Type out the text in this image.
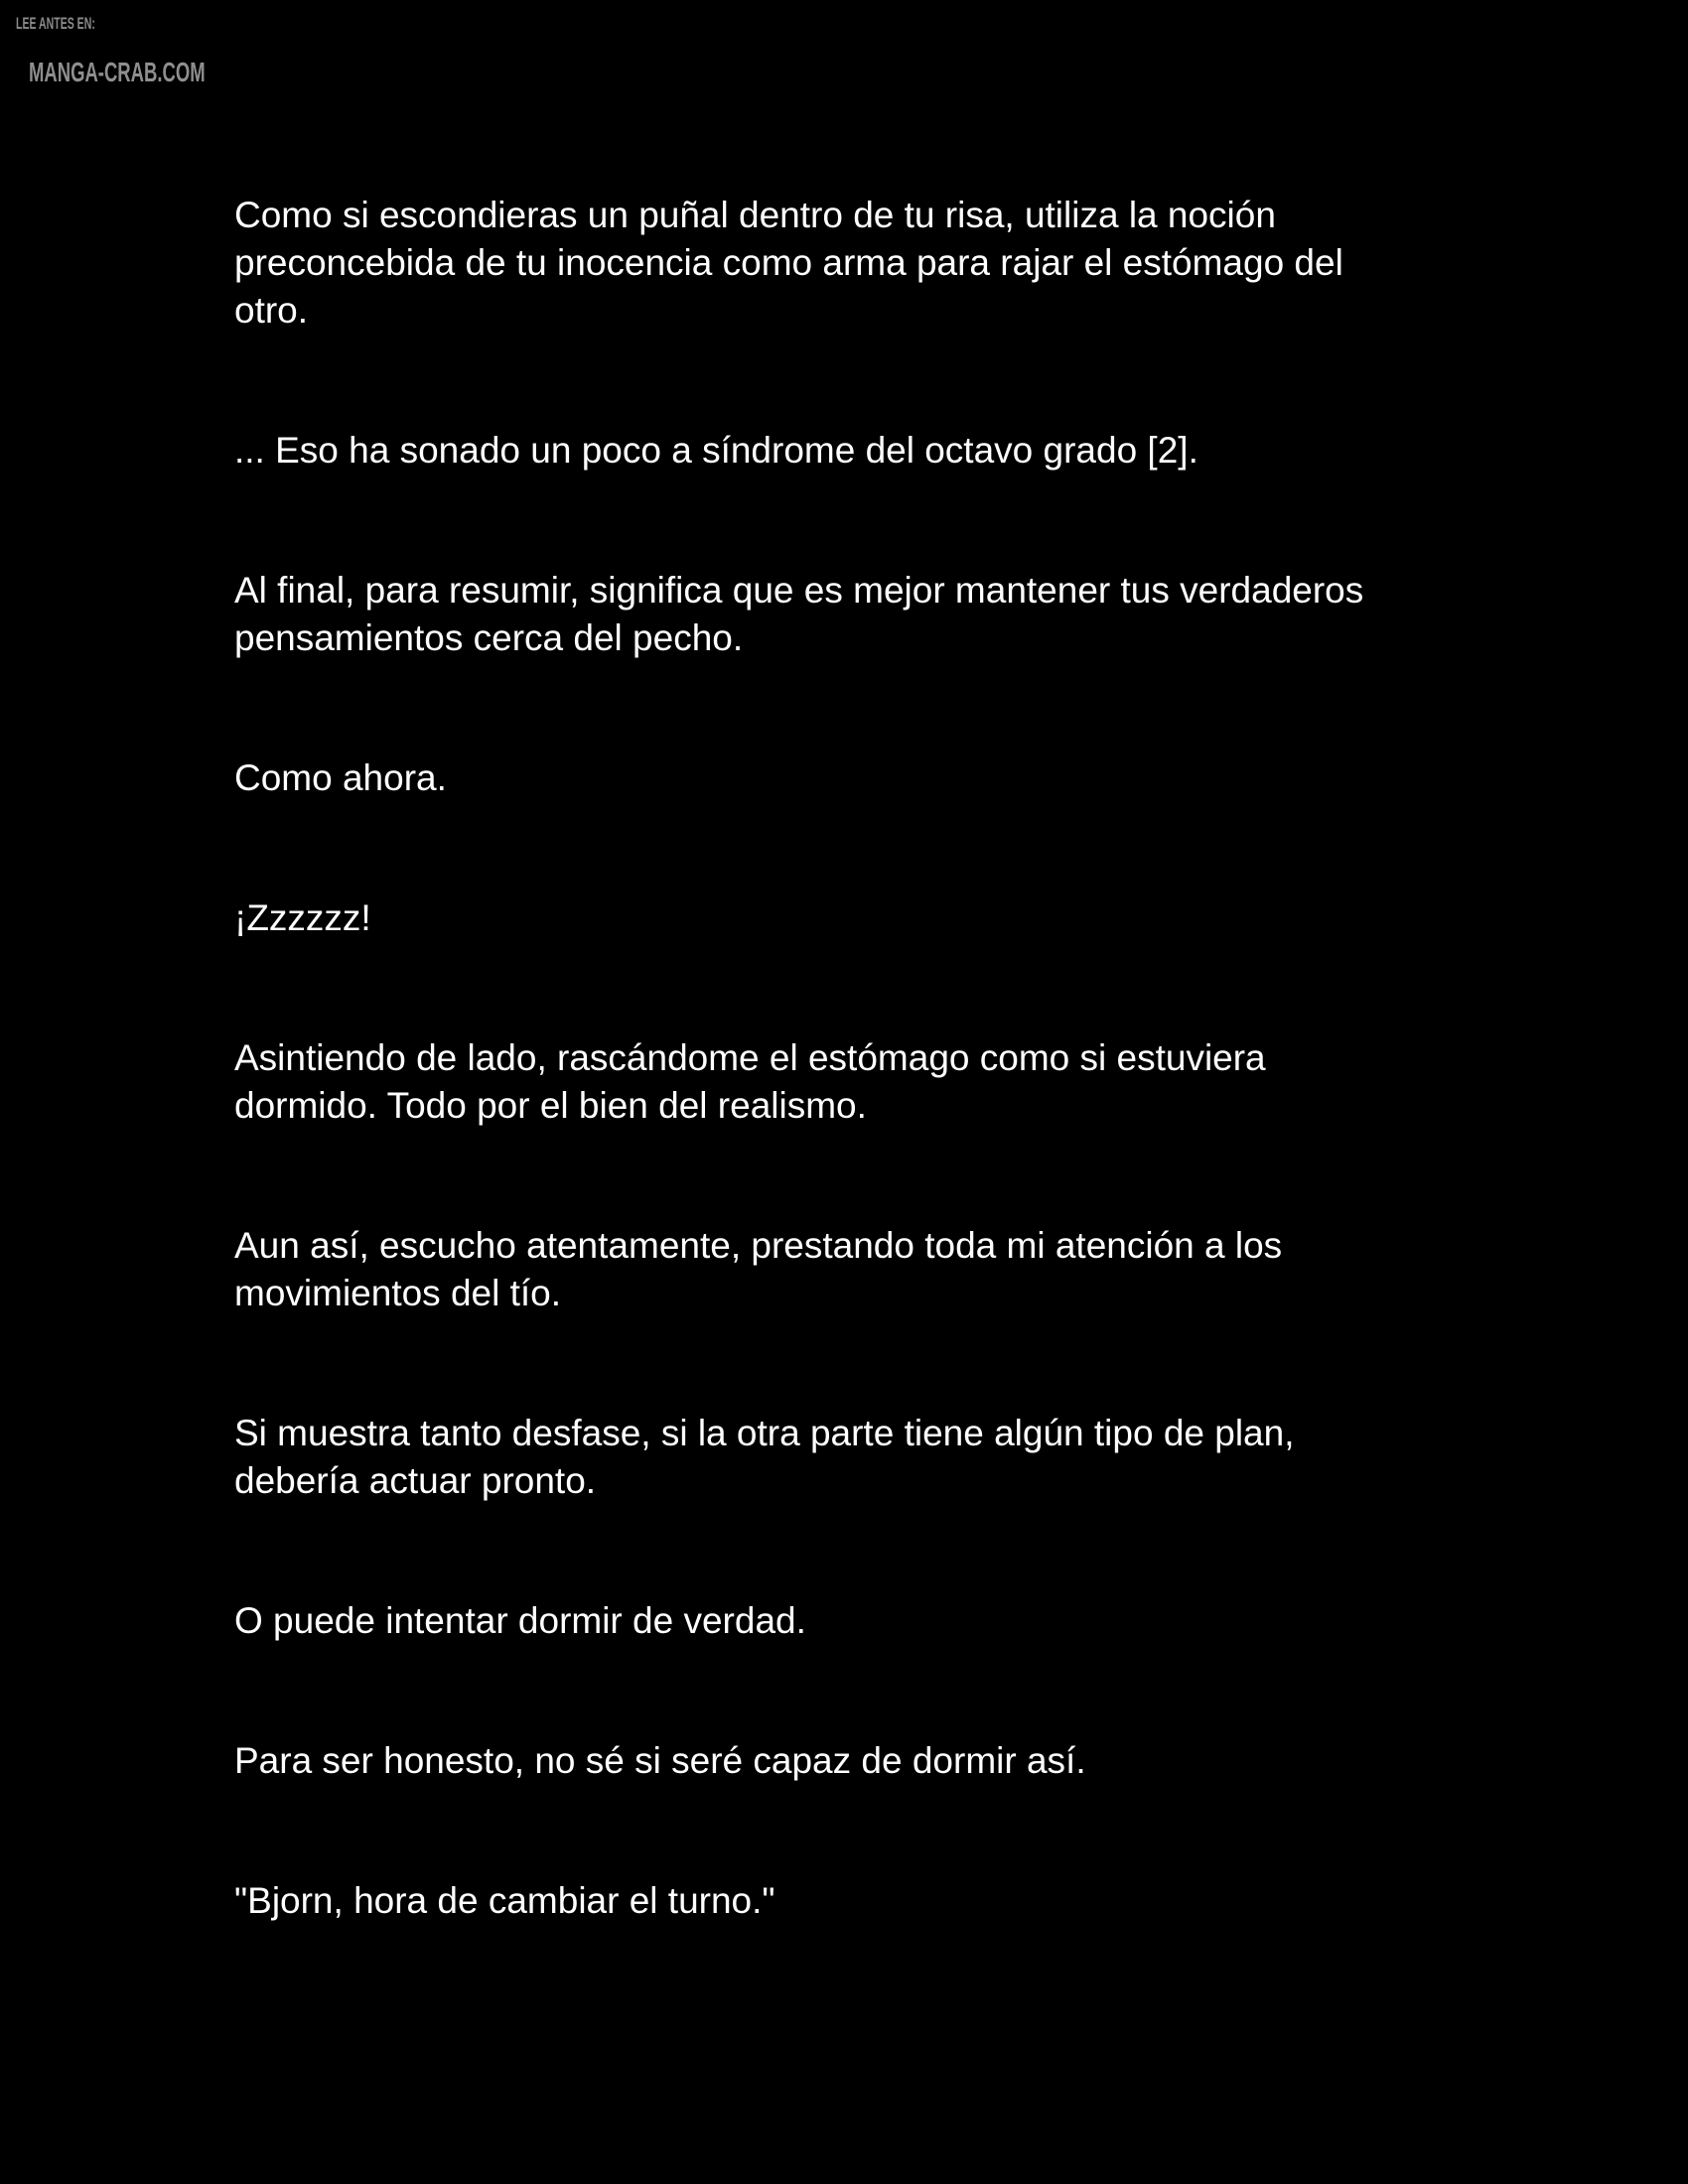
LEE ANTES EN:
MANGA-CRAB.COM

Como si escondieras un puñal dentro de tu risa, utiliza la noción
preconcebida de tu inocencia como arma para rajar el estómago del
otro.

... Eso ha sonado un poco a síndrome del octavo grado [2].

Al final, para resumir, significa que es mejor mantener tus verdaderos
pensamientos cerca del pecho.

Como ahora.

¡Zzzzzz!

Asintiendo de lado, rascándome el estómago como si estuviera
dormido. Todo por el bien del realismo.

Aun así, escucho atentamente, prestando toda mi atención a los
movimientos del tío.

Si muestra tanto desfase, si la otra parte tiene algún tipo de plan,
debería actuar pronto.

O puede intentar dormir de verdad.

Para ser honesto, no sé si seré capaz de dormir así.

"Bjorn, hora de cambiar el turno."
